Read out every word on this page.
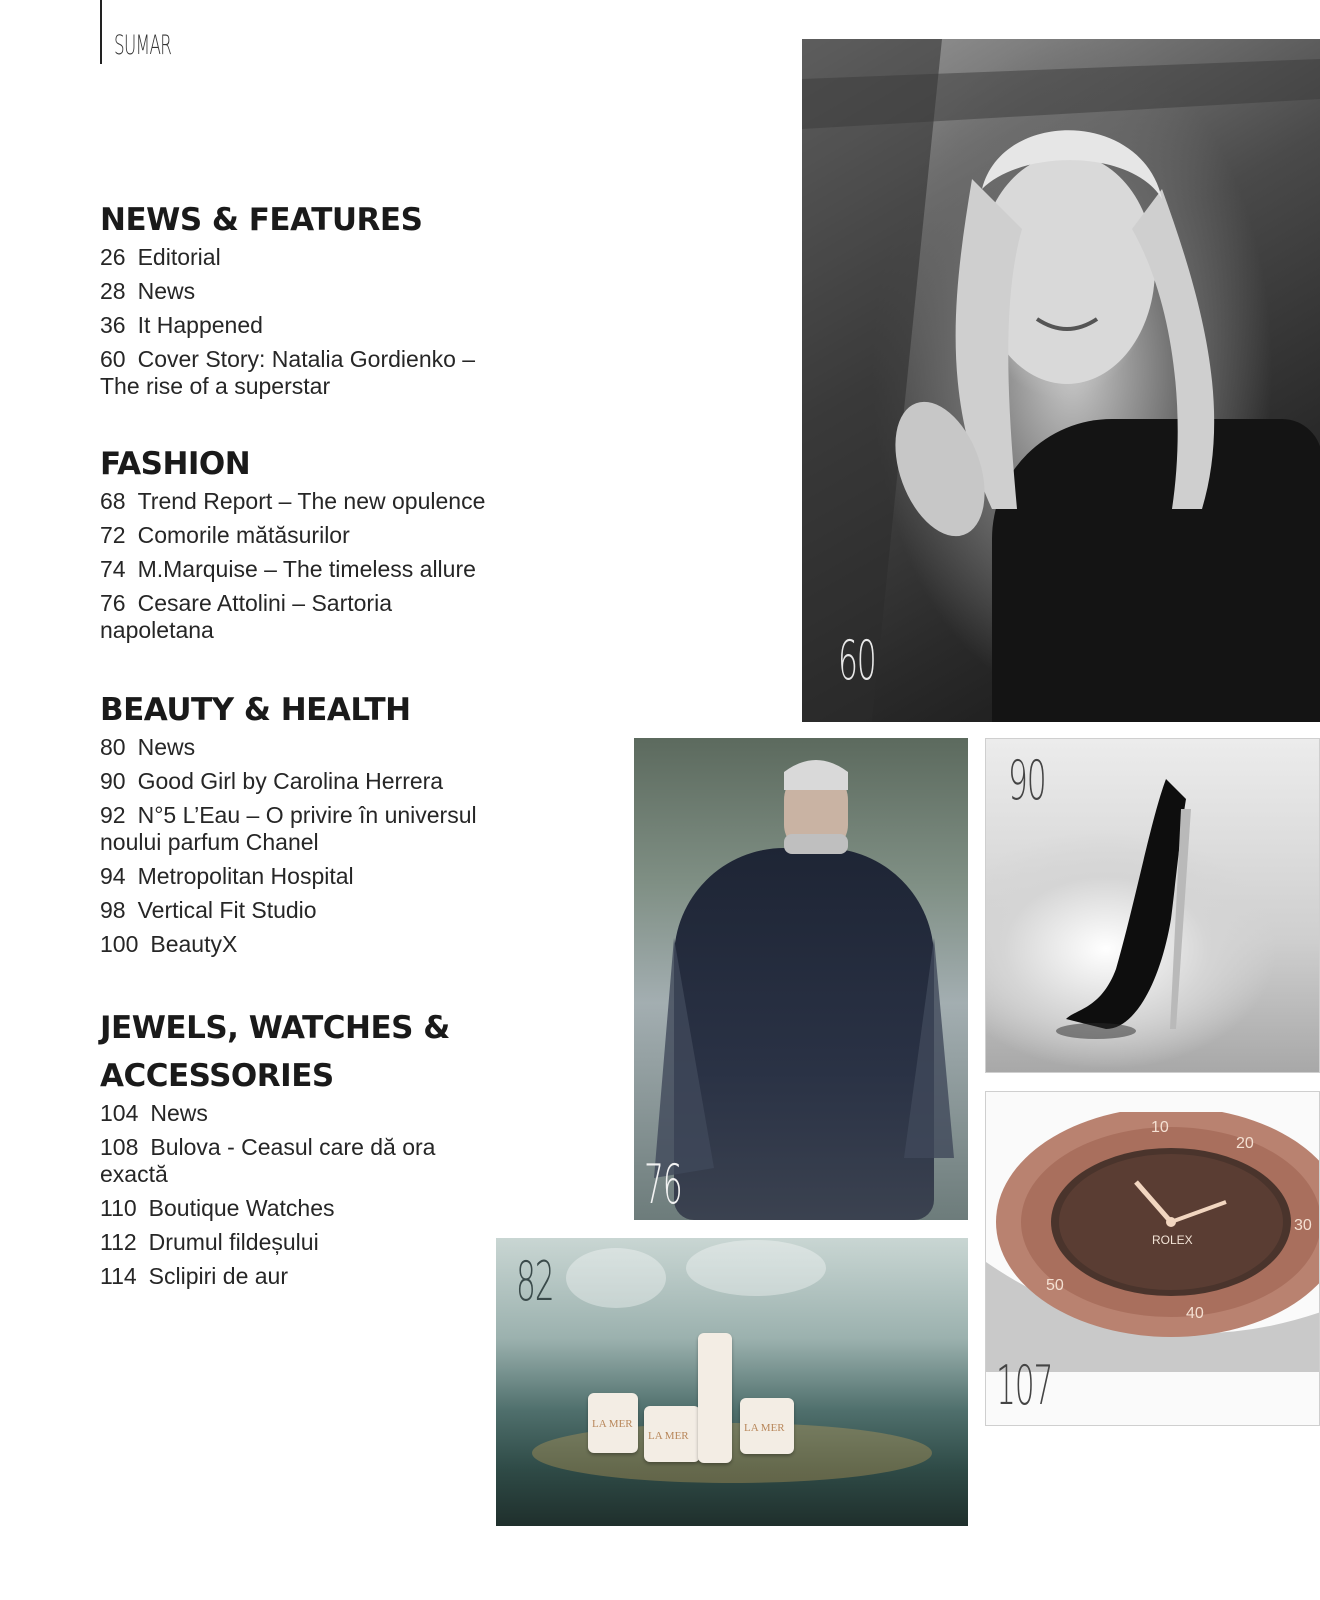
SUMAR
NEWS & FEATURES
26 Editorial
28 News
36 It Happened
60 Cover Story: Natalia Gordienko – The rise of a superstar
FASHION
68 Trend Report – The new opulence
72 Comorile mătăsurilor
74 M.Marquise – The timeless allure
76 Cesare Attolini – Sartoria napoletana
BEAUTY & HEALTH
80 News
90 Good Girl by Carolina Herrera
92 N°5 L’Eau – O privire în universul noului parfum Chanel
94 Metropolitan Hospital
98 Vertical Fit Studio
100 BeautyX
JEWELS, WATCHES & ACCESSORIES
104 News
108 Bulova - Ceasul care dă ora exactă
110 Boutique Watches
112 Drumul fildeșului
114 Sclipiri de aur
60
76
90
ROLEX
10
20
30
40
50
107
LA MER
LA MER
LA MER
82
